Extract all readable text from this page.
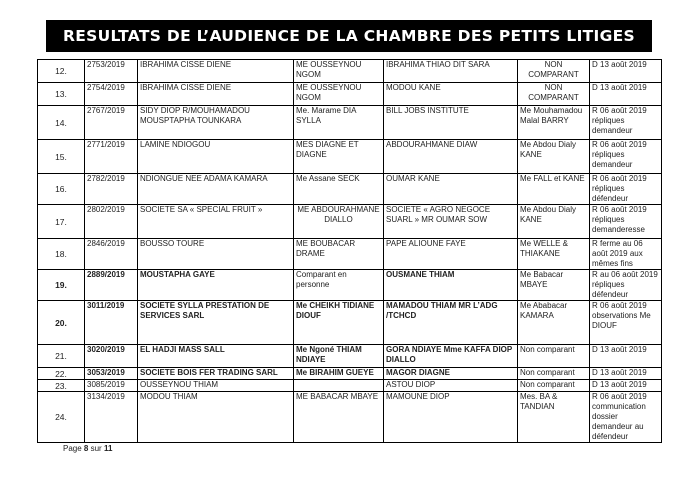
RESULTATS DE L’AUDIENCE DE LA CHAMBRE DES PETITS LITIGES
12.	2753/2019	IBRAHIMA CISSE DIENE	ME OUSSEYNOU NGOM	IBRAHIMA THIAO DIT SARA	NON COMPARANT	D 13 août 2019
13.	2754/2019	IBRAHIMA CISSE DIENE	ME OUSSEYNOU NGOM	MODOU KANE	NON COMPARANT	D 13 août 2019
14.	2767/2019	SIDY DIOP R/MOUHAMADOU MOUSPTAPHA TOUNKARA	Me. Marame DIA SYLLA	BILL JOBS INSTITUTE	Me Mouhamadou Malal BARRY	R 06 août 2019 répliques demandeur
15.	2771/2019	LAMINE NDIOGOU	MES DIAGNE ET DIAGNE	ABDOURAHMANE DIAW	Me Abdou Dialy KANE	R 06 août 2019 répliques demandeur
16.	2782/2019	NDIONGUE NEE ADAMA KAMARA	Me Assane SECK	OUMAR KANE	Me FALL et KANE	R 06 août 2019 répliques défendeur
17.	2802/2019	SOCIETE SA « SPECIAL FRUIT »	ME ABDOURAHMANE DIALLO	SOCIETE « AGRO NEGOCE SUARL » MR OUMAR SOW	Me Abdou Dialy KANE	R 06 août 2019 répliques demanderesse
18.	2846/2019	BOUSSO TOURE	ME BOUBACAR DRAME	PAPE ALIOUNE FAYE	Me WELLE & THIAKANE	R ferme au 06 août 2019 aux mêmes fins
19.	2889/2019	MOUSTAPHA GAYE	Comparant en personne	OUSMANE THIAM	Me Babacar MBAYE	R au 06 août 2019 répliques défendeur
20.	3011/2019	SOCIETE SYLLA PRESTATION DE SERVICES SARL	Me CHEIKH TIDIANE DIOUF	MAMADOU THIAM MR L’ADG /TCHCD	Me Ababacar KAMARA	R 06 août 2019 observations Me DIOUF
21.	3020/2019	EL HADJI MASS SALL	Me Ngoné THIAM NDIAYE	GORA NDIAYE Mme KAFFA DIOP DIALLO	Non comparant	D 13 août 2019
22.	3053/2019	SOCIETE BOIS FER TRADING SARL	Me BIRAHIM GUEYE	MAGOR DIAGNE	Non comparant	D 13 août 2019
23.	3085/2019	OUSSEYNOU THIAM		ASTOU DIOP	Non comparant	D 13 août 2019
24.	3134/2019	MODOU THIAM	ME BABACAR MBAYE	MAMOUNE DIOP	Mes. BA & TANDIAN	R 06 août 2019 communication dossier demandeur au défendeur
Page 8 sur 11
